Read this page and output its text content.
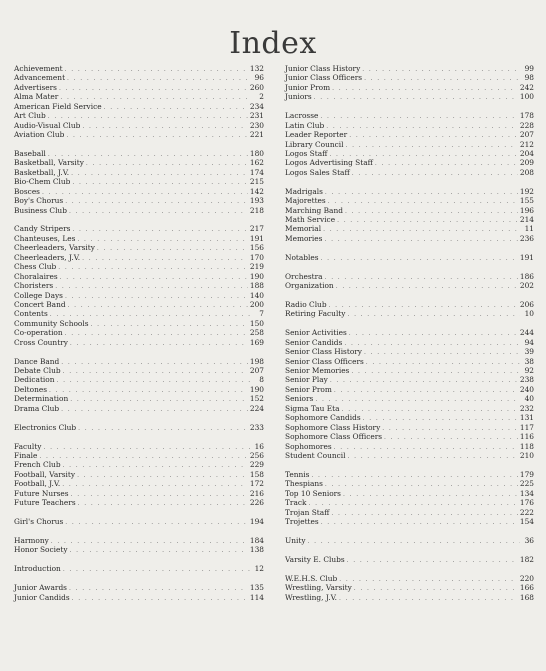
Index
Achievement . . .	132
Advancement . . .	96
Advertisers . . .	260
Alma Mater . . .	2
American Field Service . . .	234
Art Club . . .	231
Audio-Visual Club . . .	230
Aviation Club . . .	221
Baseball . . .	180
Basketball, Varsity . . .	162
Basketball, J.V. . . .	174
Bio-Chem Club . . .	215
Bosces . . .	142
Boy's Chorus . . .	193
Business Club . . .	218
Candy Stripers . . .	217
Chanteuses, Les . . .	191
Cheerleaders, Varsity . . .	156
Cheerleaders, J.V. . . .	170
Chess Club . . .	219
Choralaires . . .	190
Choristers . . .	188
College Days . . .	140
Concert Band . . .	200
Contents . . .	7
Community Schools . . .	150
Co-operation . . .	258
Cross Country . . .	169
Dance Band . . .	198
Debate Club . . .	207
Dedication . . .	8
Deltones . . .	190
Determination . . .	152
Drama Club . . .	224
Electronics Club . . .	233
Faculty . . .	16
Finale . . .	256
French Club . . .	229
Football, Varsity . . .	158
Football, J.V. . . .	172
Future Nurses . . .	216
Future Teachers . . .	226
Girl's Chorus . . .	194
Harmony . . .	184
Honor Society . . .	138
Introduction . . .	12
Junior Awards . . .	135
Junior Candids . . .	114
Junior Class History . . .	99
Junior Class Officers . . .	98
Junior Prom . . .	242
Juniors . . .	100
Lacrosse . . .	178
Latin Club . . .	228
Leader Reporter . . .	207
Library Council . . .	212
Logos Staff . . .	204
Logos Advertising Staff . . .	209
Logos Sales Staff . . .	208
Madrigals . . .	192
Majorettes . . .	155
Marching Band . . .	196
Math Service . . .	214
Memorial . . .	11
Memories . . .	236
Notables . . .	191
Orchestra . . .	186
Organization . . .	202
Radio Club . . .	206
Retiring Faculty . . .	10
Senior Activities . . .	244
Senior Candids . . .	94
Senior Class History . . .	39
Senior Class Officers . . .	38
Senior Memories . . .	92
Senior Play . . .	238
Senior Prom . . .	240
Seniors . . .	40
Sigma Tau Eta . . .	232
Sophomore Candids . . .	131
Sophomore Class History . . .	117
Sophomore Class Officers . . .	116
Sophomores . . .	118
Student Council . . .	210
Tennis . . .	179
Thespians . . .	225
Top 10 Seniors . . .	134
Track . . .	176
Trojan Staff . . .	222
Trojettes . . .	154
Unity . . .	36
Varsity E. Clubs . . .	182
W.E.H.S. Club . . .	220
Wrestling, Varsity . . .	166
Wrestling, J.V. . . .	168
